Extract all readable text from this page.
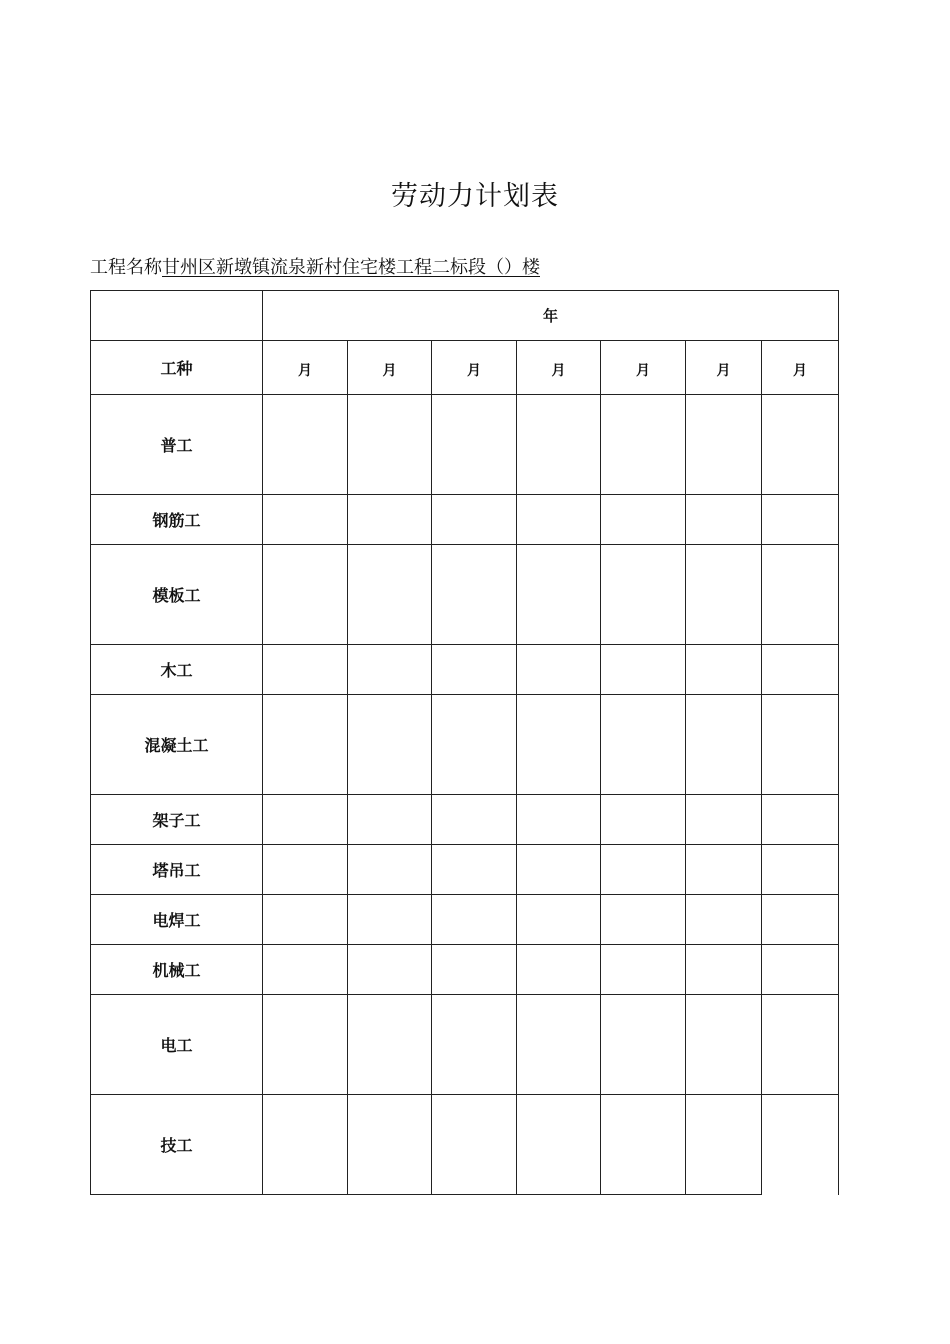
劳动力计划表
工程名称甘州区新墩镇流泉新村住宅楼工程二标段（）楼
	年						
工种	月	月	月	月	月	月	月
普工							
钢筋工							
模板工							
木工							
混凝土工							
架子工							
塔吊工							
电焊工							
机械工							
电工							
技工							
